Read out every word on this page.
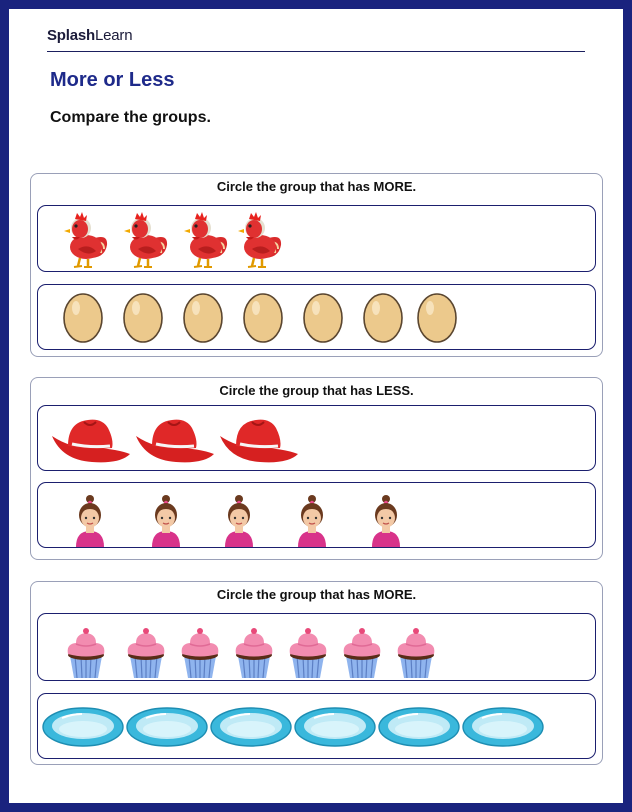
SplashLearn
More or Less
Compare the groups.
Circle the group that has MORE.
Circle the group that has LESS.
Circle the group that has MORE.
